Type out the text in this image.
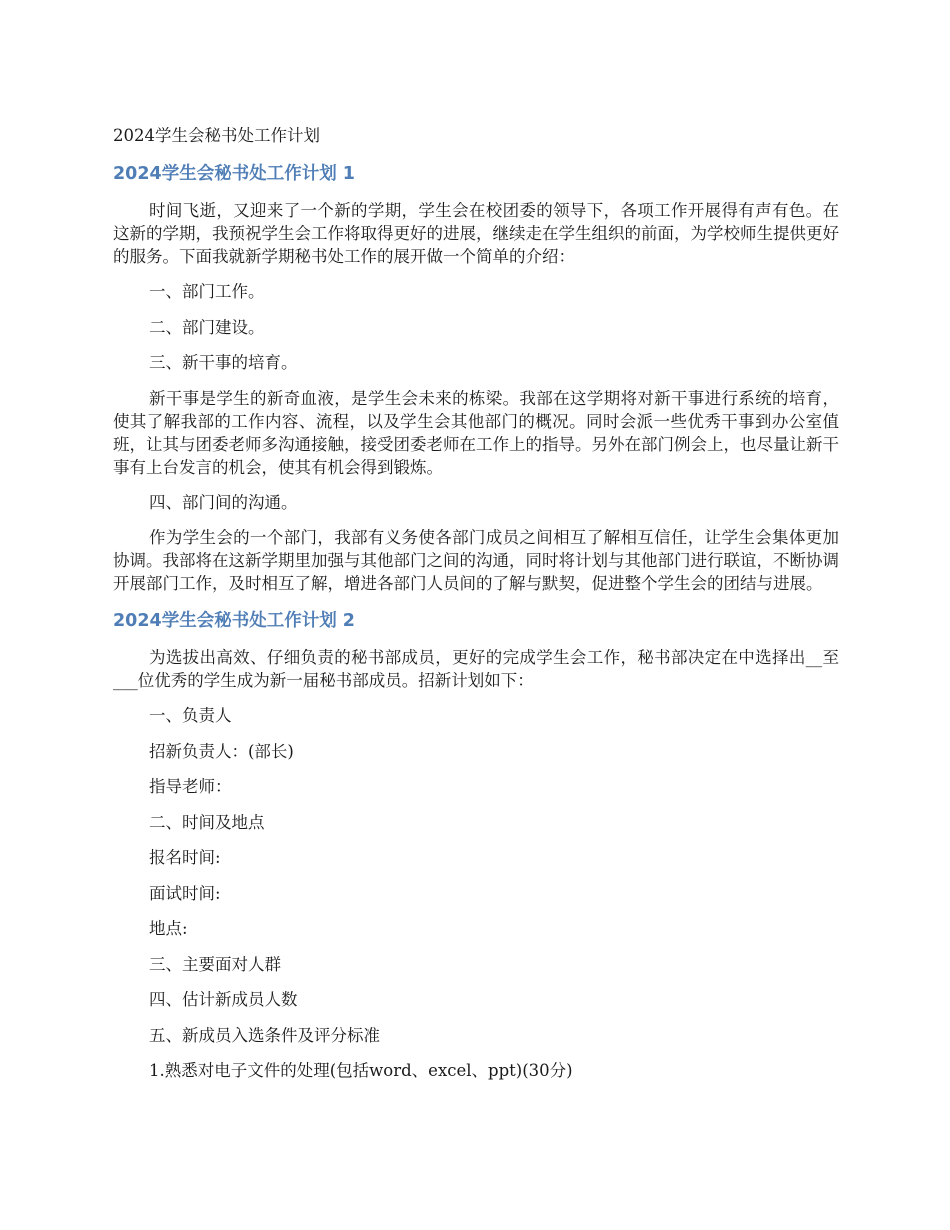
2024学生会秘书处工作计划
2024学生会秘书处工作计划 1

时间飞逝，又迎来了一个新的学期，学生会在校团委的领导下，各项工作开展得有声有色。在这新的学期，我预祝学生会工作将取得更好的进展，继续走在学生组织的前面，为学校师生提供更好的服务。下面我就新学期秘书处工作的展开做一个简单的介绍：

一、部门工作。

二、部门建设。

三、新干事的培育。

新干事是学生的新奇血液，是学生会未来的栋梁。我部在这学期将对新干事进行系统的培育，使其了解我部的工作内容、流程，以及学生会其他部门的概况。同时会派一些优秀干事到办公室值班，让其与团委老师多沟通接触，接受团委老师在工作上的指导。另外在部门例会上，也尽量让新干事有上台发言的机会，使其有机会得到锻炼。

四、部门间的沟通。

作为学生会的一个部门，我部有义务使各部门成员之间相互了解相互信任，让学生会集体更加协调。我部将在这新学期里加强与其他部门之间的沟通，同时将计划与其他部门进行联谊，不断协调开展部门工作，及时相互了解，增进各部门人员间的了解与默契，促进整个学生会的团结与进展。

2024学生会秘书处工作计划 2

为选拔出高效、仔细负责的秘书部成员，更好的完成学生会工作，秘书部决定在中选择出__至___位优秀的学生成为新一届秘书部成员。招新计划如下：

一、负责人

招新负责人：(部长)

指导老师：

二、时间及地点

报名时间:

面试时间:

地点:

三、主要面对人群

四、估计新成员人数

五、新成员入选条件及评分标准

1.熟悉对电子文件的处理(包括word、excel、ppt)(30分)
